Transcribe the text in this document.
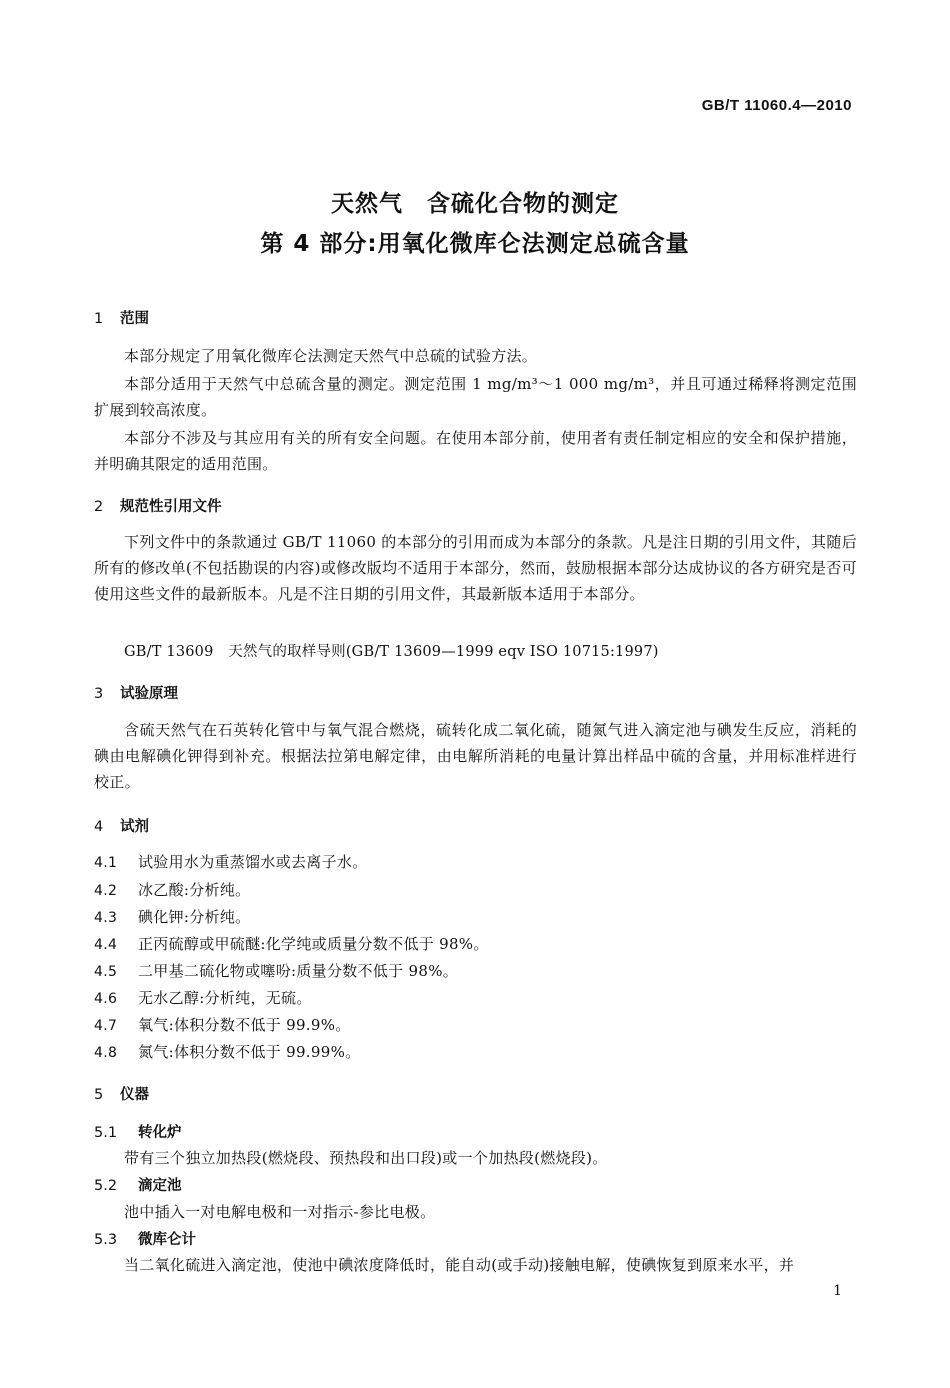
GB/T 11060.4—2010
天然气　含硫化合物的测定
第 4 部分:用氧化微库仑法测定总硫含量
1 范围
本部分规定了用氧化微库仑法测定天然气中总硫的试验方法。
本部分适用于天然气中总硫含量的测定。测定范围 1 mg/m³～1 000 mg/m³，并且可通过稀释将测定范围扩展到较高浓度。
本部分不涉及与其应用有关的所有安全问题。在使用本部分前，使用者有责任制定相应的安全和保护措施，并明确其限定的适用范围。
2 规范性引用文件
下列文件中的条款通过 GB/T 11060 的本部分的引用而成为本部分的条款。凡是注日期的引用文件，其随后所有的修改单(不包括勘误的内容)或修改版均不适用于本部分，然而，鼓励根据本部分达成协议的各方研究是否可使用这些文件的最新版本。凡是不注日期的引用文件，其最新版本适用于本部分。
GB/T 13609　天然气的取样导则(GB/T 13609—1999 eqv ISO 10715:1997)
3 试验原理
含硫天然气在石英转化管中与氧气混合燃烧，硫转化成二氧化硫，随氮气进入滴定池与碘发生反应，消耗的碘由电解碘化钾得到补充。根据法拉第电解定律，由电解所消耗的电量计算出样品中硫的含量，并用标准样进行校正。
4 试剂
4.1 试验用水为重蒸馏水或去离子水。
4.2 冰乙酸:分析纯。
4.3 碘化钾:分析纯。
4.4 正丙硫醇或甲硫醚:化学纯或质量分数不低于 98%。
4.5 二甲基二硫化物或噻吩:质量分数不低于 98%。
4.6 无水乙醇:分析纯，无硫。
4.7 氧气:体积分数不低于 99.9%。
4.8 氮气:体积分数不低于 99.99%。
5 仪器
5.1 转化炉
带有三个独立加热段(燃烧段、预热段和出口段)或一个加热段(燃烧段)。
5.2 滴定池
池中插入一对电解电极和一对指示-参比电极。
5.3 微库仑计
当二氧化硫进入滴定池，使池中碘浓度降低时，能自动(或手动)接触电解，使碘恢复到原来水平，并
1
